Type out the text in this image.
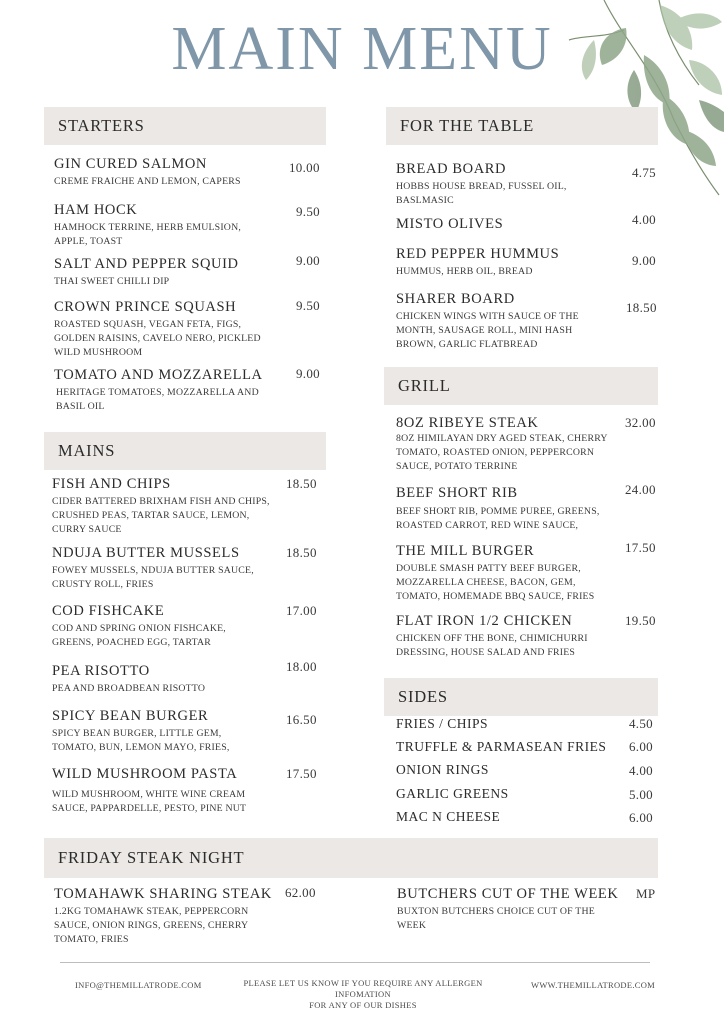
MAIN MENU
STARTERS
GIN CURED SALMON
CREME FRAICHE AND LEMON, CAPERS
10.00
HAM HOCK
HAMHOCK TERRINE, HERB EMULSION, APPLE, TOAST
9.50
SALT AND PEPPER SQUID
THAI SWEET CHILLI DIP
9.00
CROWN PRINCE SQUASH
ROASTED SQUASH, VEGAN FETA, FIGS, GOLDEN RAISINS, CAVELO NERO, PICKLED WILD MUSHROOM
9.50
TOMATO AND MOZZARELLA
HERITAGE TOMATOES, MOZZARELLA AND BASIL OIL
9.00
MAINS
FISH AND CHIPS
CIDER BATTERED BRIXHAM FISH AND CHIPS, CRUSHED PEAS, TARTAR SAUCE, LEMON, CURRY SAUCE
18.50
NDUJA BUTTER MUSSELS
FOWEY MUSSELS, NDUJA BUTTER SAUCE, CRUSTY ROLL, FRIES
18.50
COD FISHCAKE
COD AND SPRING ONION FISHCAKE, GREENS, POACHED EGG, TARTAR
17.00
PEA RISOTTO
PEA AND BROADBEAN RISOTTO
18.00
SPICY BEAN BURGER
SPICY BEAN BURGER, LITTLE GEM, TOMATO, BUN, LEMON MAYO, FRIES,
16.50
WILD MUSHROOM PASTA
WILD MUSHROOM, WHITE WINE CREAM SAUCE, PAPPARDELLE, PESTO, PINE NUT
17.50
FOR THE TABLE
BREAD BOARD
HOBBS HOUSE BREAD, FUSSEL OIL, BASLMASIC
4.75
MISTO OLIVES	4.00
RED PEPPER HUMMUS
HUMMUS, HERB OIL, BREAD
9.00
SHARER BOARD
CHICKEN WINGS WITH SAUCE OF THE MONTH, SAUSAGE ROLL, MINI HASH BROWN, GARLIC FLATBREAD
18.50
GRILL
8OZ RIBEYE STEAK
8OZ HIMILAYAN DRY AGED STEAK, CHERRY TOMATO, ROASTED ONION, PEPPERCORN SAUCE, POTATO TERRINE
32.00
BEEF SHORT RIB
BEEF SHORT RIB, POMME PUREE, GREENS, ROASTED CARROT, RED WINE SAUCE,
24.00
THE MILL BURGER
DOUBLE SMASH PATTY BEEF BURGER, MOZZARELLA CHEESE, BACON, GEM, TOMATO, HOMEMADE BBQ SAUCE, FRIES
17.50
FLAT IRON 1/2 CHICKEN
CHICKEN OFF THE BONE, CHIMICHURRI DRESSING, HOUSE SALAD AND FRIES
19.50
SIDES
FRIES / CHIPS	4.50
TRUFFLE & PARMASEAN FRIES 6.00
ONION RINGS	4.00
GARLIC GREENS	5.00
MAC N CHEESE	6.00
FRIDAY STEAK NIGHT
TOMAHAWK SHARING STEAK
1.2KG TOMAHAWK STEAK, PEPPERCORN SAUCE, ONION RINGS, GREENS, CHERRY TOMATO, FRIES
62.00	BUTCHERS CUT OF THE WEEK
BUXTON BUTCHERS CHOICE CUT OF THE WEEK
MP
INFO@THEMILLATRODE.COM	PLEASE LET US KNOW IF YOU REQUIRE ANY ALLERGEN INFOMATION
FOR ANY OF OUR DISHES
WWW.THEMILLATRODE.COM
